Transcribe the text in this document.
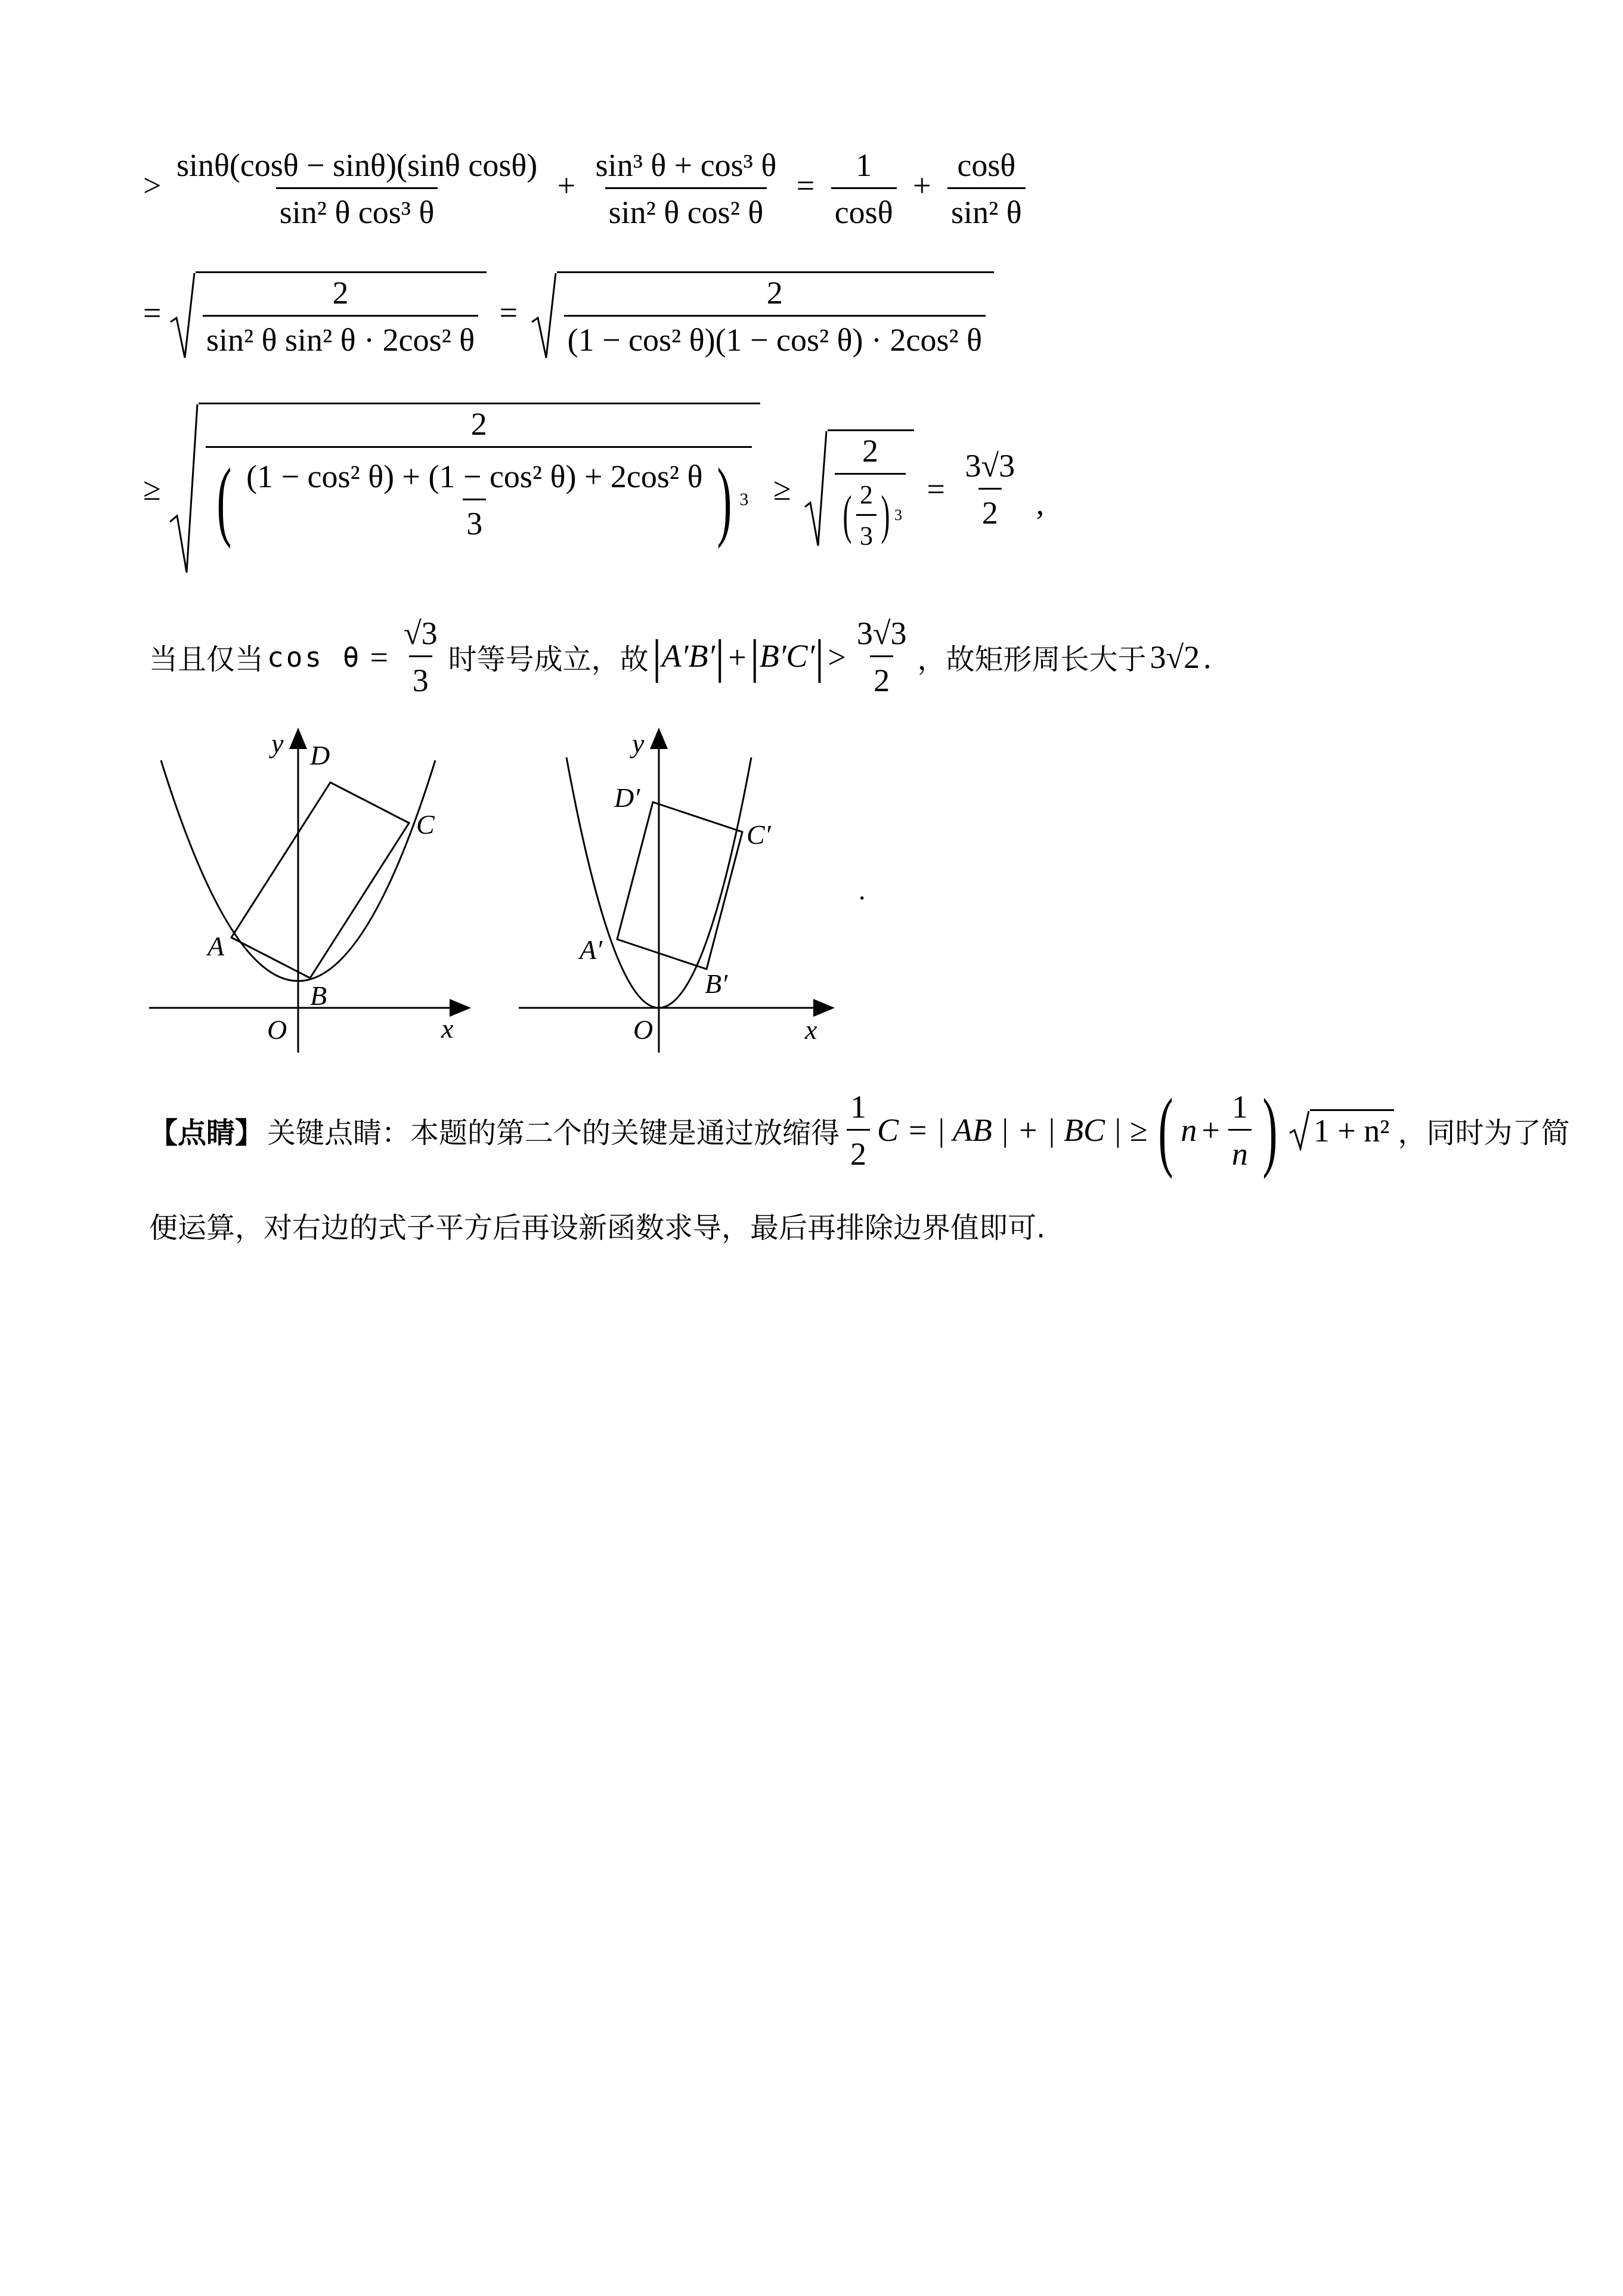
> $\frac{\text{sinθ(cosθ − sinθ)(sinθ cosθ)}}{\text{sin² θ cos³ θ}} + \frac{\text{sin³ θ + cos³ θ}}{\text{sin² θ cos² θ}} = \frac{1}{\cos\theta} + \frac{\cos\theta}{\text{sin² θ}}$
= $\frac{2}{\text{sin² θ sin² θ · 2cos² θ}} = \frac{2}{\text{(1 − cos² θ)(1 − cos² θ) · 2cos² θ}}$
≥
2
( $\frac{\text{(1 − cos² θ) + (1 − cos² θ) + 2cos² θ}}{3}$ ) 3 ≥
2
( $\frac{2}{3}$ ) 3
= $\frac{3√3}{2}$ ,
当且仅当 $\cos \theta = \frac{√3}{3}$ 时等号成立，故 $|A'B'| + |B'C'| > \frac{3√3}{2}$ ，故矩形周长大于 3√2 .
y
x
O
A
B
C
D	y
x
O
A′
B′
C′
D′
.
【点睛】 关键点睛：本题的第二个的关键是通过放缩得 $\frac{1}{2}$ C = | AB | + | BC | ≥ ( $n + \frac{1}{n}$ ) 1 + n² ，同时为了简
便运算，对右边的式子平方后再设新函数求导，最后再排除边界值即可.
